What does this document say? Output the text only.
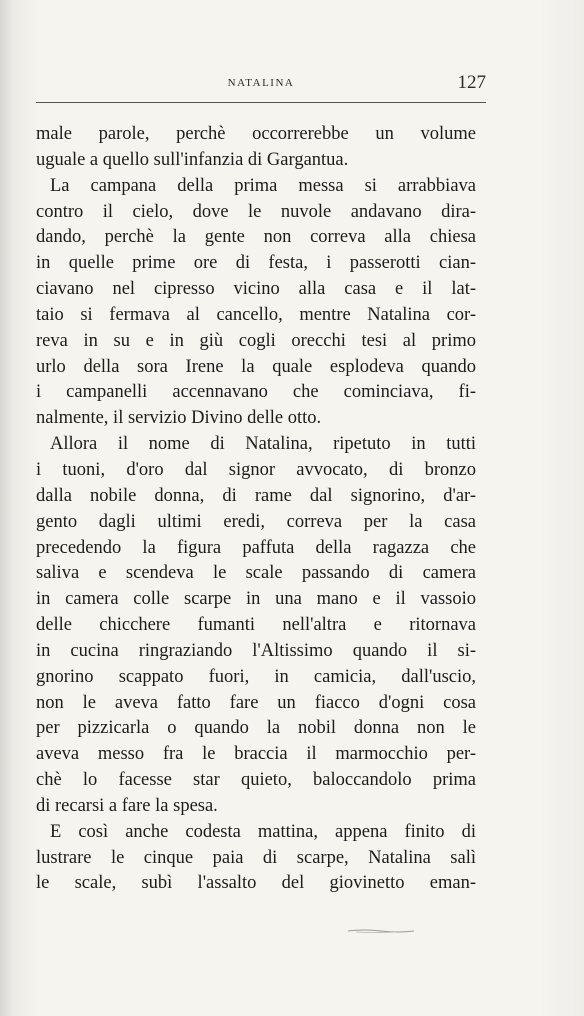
NATALINA	127
male parole, perchè occorrerebbe un volume
uguale a quello sull'infanzia di Gargantua.
La campana della prima messa si arrabbiava
contro il cielo, dove le nuvole andavano dira-
dando, perchè la gente non correva alla chiesa
in quelle prime ore di festa, i passerotti cian-
ciavano nel cipresso vicino alla casa e il lat-
taio si fermava al cancello, mentre Natalina cor-
reva in su e in giù cogli orecchi tesi al primo
urlo della sora Irene la quale esplodeva quando
i campanelli accennavano che cominciava, fi-
nalmente, il servizio Divino delle otto.
Allora il nome di Natalina, ripetuto in tutti
i tuoni, d'oro dal signor avvocato, di bronzo
dalla nobile donna, di rame dal signorino, d'ar-
gento dagli ultimi eredi, correva per la casa
precedendo la figura paffuta della ragazza che
saliva e scendeva le scale passando di camera
in camera colle scarpe in una mano e il vassoio
delle chicchere fumanti nell'altra e ritornava
in cucina ringraziando l'Altissimo quando il si-
gnorino scappato fuori, in camicia, dall'uscio,
non le aveva fatto fare un fiacco d'ogni cosa
per pizzicarla o quando la nobil donna non le
aveva messo fra le braccia il marmocchio per-
chè lo facesse star quieto, baloccandolo prima
di recarsi a fare la spesa.
E così anche codesta mattina, appena finito di
lustrare le cinque paia di scarpe, Natalina salì
le scale, subì l'assalto del giovinetto eman-
